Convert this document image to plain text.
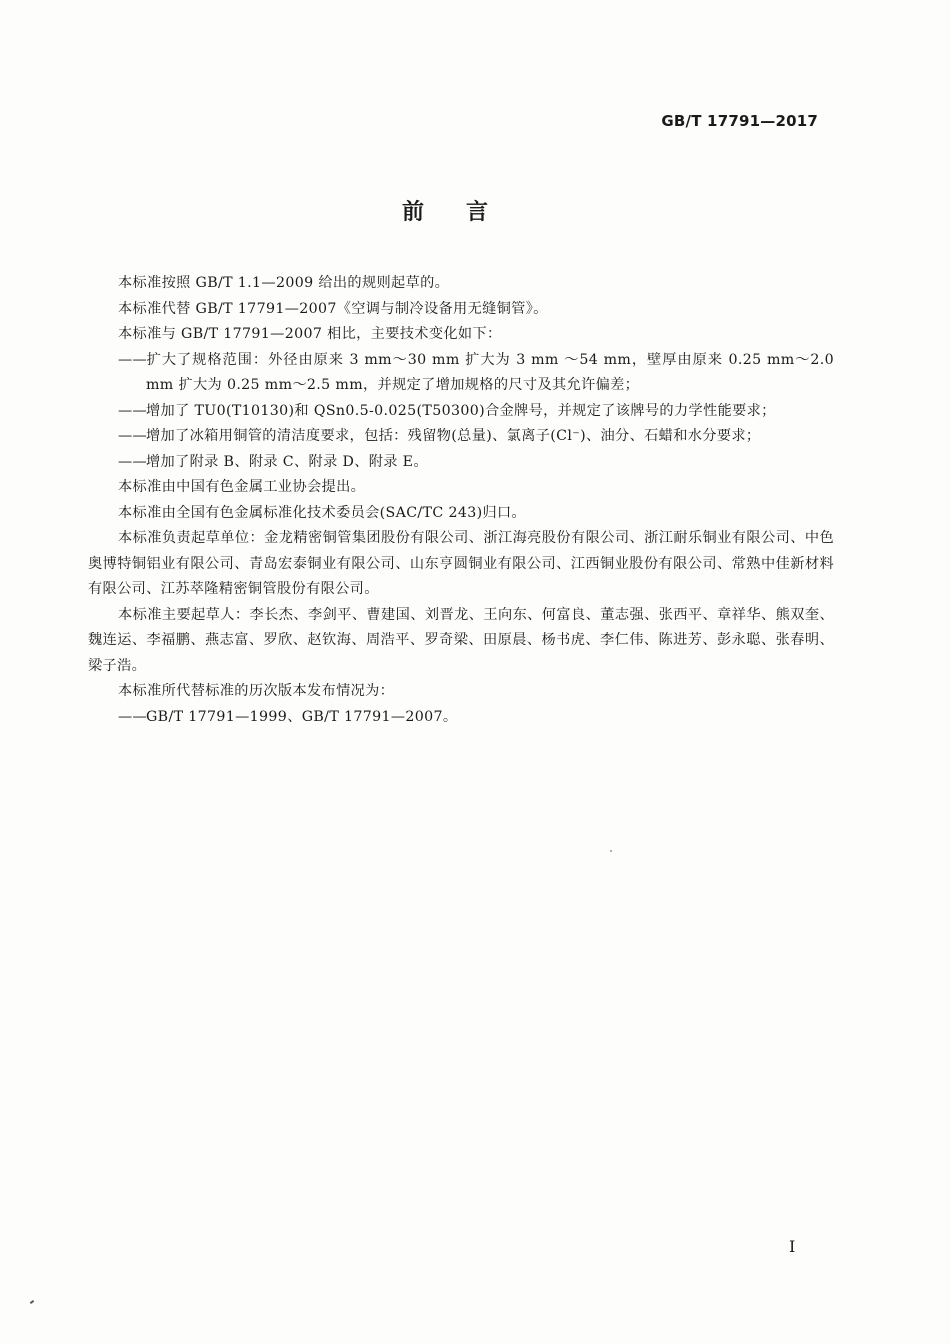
GB/T 17791—2017
前言

本标准按照 GB/T 1.1—2009 给出的规则起草的。

本标准代替 GB/T 17791—2007《空调与制冷设备用无缝铜管》。

本标准与 GB/T 17791—2007 相比，主要技术变化如下：

——扩大了规格范围：外径由原来 3 mm～30 mm 扩大为 3 mm ～54 mm，壁厚由原来 0.25 mm～2.0 mm 扩大为 0.25 mm～2.5 mm，并规定了增加规格的尺寸及其允许偏差；

——增加了 TU0(T10130)和 QSn0.5-0.025(T50300)合金牌号，并规定了该牌号的力学性能要求；

——增加了冰箱用铜管的清洁度要求，包括：残留物(总量)、氯离子(Cl⁻)、油分、石蜡和水分要求；

——增加了附录 B、附录 C、附录 D、附录 E。

本标准由中国有色金属工业协会提出。

本标准由全国有色金属标准化技术委员会(SAC/TC 243)归口。

本标准负责起草单位：金龙精密铜管集团股份有限公司、浙江海亮股份有限公司、浙江耐乐铜业有限公司、中色奥博特铜铝业有限公司、青岛宏泰铜业有限公司、山东亨圆铜业有限公司、江西铜业股份有限公司、常熟中佳新材料有限公司、江苏萃隆精密铜管股份有限公司。

本标准主要起草人：李长杰、李剑平、曹建国、刘晋龙、王向东、何富良、董志强、张西平、章祥华、熊双奎、魏连运、李福鹏、燕志富、罗欣、赵钦海、周浩平、罗奇梁、田原晨、杨书虎、李仁伟、陈进芳、彭永聪、张春明、梁子浩。

本标准所代替标准的历次版本发布情况为：

——GB/T 17791—1999、GB/T 17791—2007。

I
